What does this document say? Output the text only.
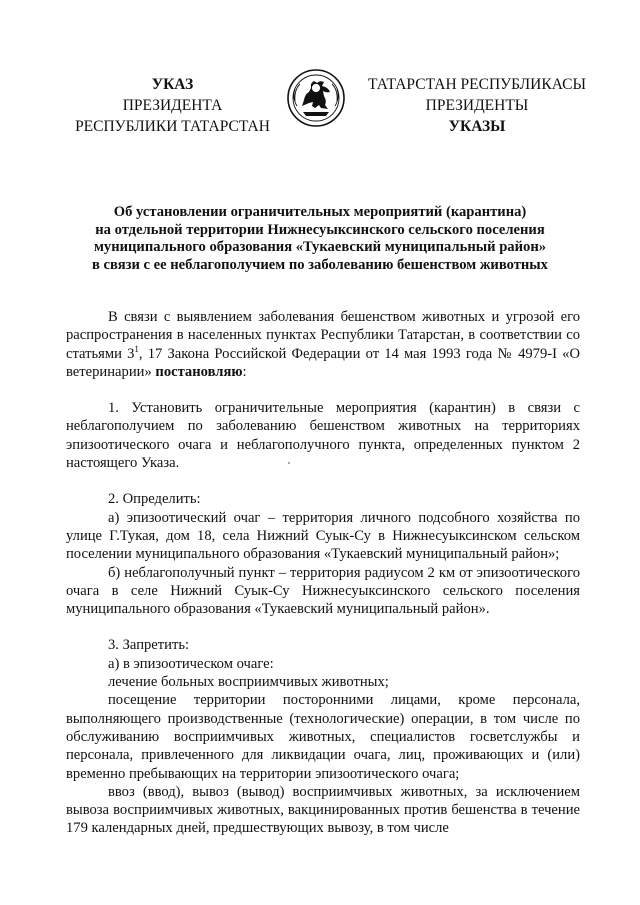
УКАЗ
ПРЕЗИДЕНТА
РЕСПУБЛИКИ ТАТАРСТАН
ТАТАРСТАН РЕСПУБЛИКАСЫ
ПРЕЗИДЕНТЫ
УКАЗЫ
Об установлении ограничительных мероприятий (карантина)
на отдельной территории Нижнесуыксинского сельского поселения
муниципального образования «Тукаевский муниципальный район»
в связи с ее неблагополучием по заболеванию бешенством животных

В связи с выявлением заболевания бешенством животных и угрозой его распространения в населенных пунктах Республики Татарстан, в соответствии со статьями $3^1$, 17 Закона Российской Федерации от 14 мая 1993 года № 4979-I «О ветеринарии» постановляю:

1. Установить ограничительные мероприятия (карантин) в связи с неблагополучием по заболеванию бешенством животных на территориях эпизоотического очага и неблагополучного пункта, определенных пунктом 2 настоящего Указа.

2. Определить:

а) эпизоотический очаг – территория личного подсобного хозяйства по улице Г.Тукая, дом 18, села Нижний Суык-Су в Нижнесуыксинском сельском поселении муниципального образования «Тукаевский муниципальный район»;

б) неблагополучный пункт – территория радиусом 2 км от эпизоотического очага в селе Нижний Суык-Су Нижнесуыксинского сельского поселения муниципального образования «Тукаевский муниципальный район».

3. Запретить:

а) в эпизоотическом очаге:

лечение больных восприимчивых животных;

посещение территории посторонними лицами, кроме персонала, выполняющего производственные (технологические) операции, в том числе по обслуживанию восприимчивых животных, специалистов госветслужбы и персонала, привлеченного для ликвидации очага, лиц, проживающих и (или) временно пребывающих на территории эпизоотического очага;

ввоз (ввод), вывоз (вывод) восприимчивых животных, за исключением вывоза восприимчивых животных, вакцинированных против бешенства в течение 179 календарных дней, предшествующих вывозу, в том числе
